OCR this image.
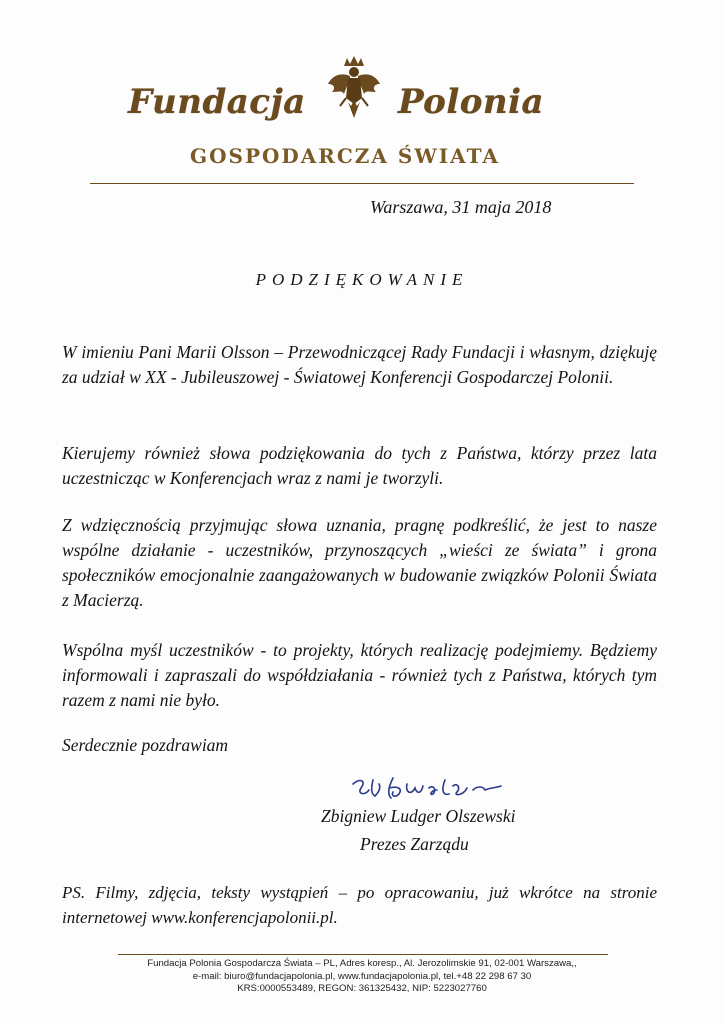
Fundacja	Polonia
GOSPODARCZA ŚWIATA
Warszawa, 31 maja 2018
PODZIĘKOWANIE
W imieniu Pani Marii Olsson – Przewodniczącej Rady Fundacji i własnym, dziękuję za udział w XX - Jubileuszowej - Światowej Konferencji Gospodarczej Polonii.
Kierujemy również słowa podziękowania do tych z Państwa, którzy przez lata uczestnicząc w Konferencjach wraz z nami je tworzyli.
Z wdzięcznością przyjmując słowa uznania, pragnę podkreślić, że jest to nasze wspólne działanie - uczestników, przynoszących „wieści ze świata” i grona społeczników emocjonalnie zaangażowanych w budowanie związków Polonii Świata z Macierzą.
Wspólna myśl uczestników - to projekty, których realizację podejmiemy. Będziemy informowali i zapraszali do współdziałania - również tych z Państwa, których tym razem z nami nie było.
Serdecznie pozdrawiam
Zbigniew Ludger Olszewski
Prezes Zarządu
PS. Filmy, zdjęcia, teksty wystąpień – po opracowaniu, już wkrótce na stronie internetowej www.konferencjapolonii.pl.
Fundacja Polonia Gospodarcza Świata – PL, Adres koresp., Al. Jerozolimskie 91, 02-001 Warszawa,,
e-mail: biuro@fundacjapolonia.pl, www.fundacjapolonia.pl, tel.+48 22 298 67 30
KRS:0000553489, REGON: 361325432, NIP: 5223027760
